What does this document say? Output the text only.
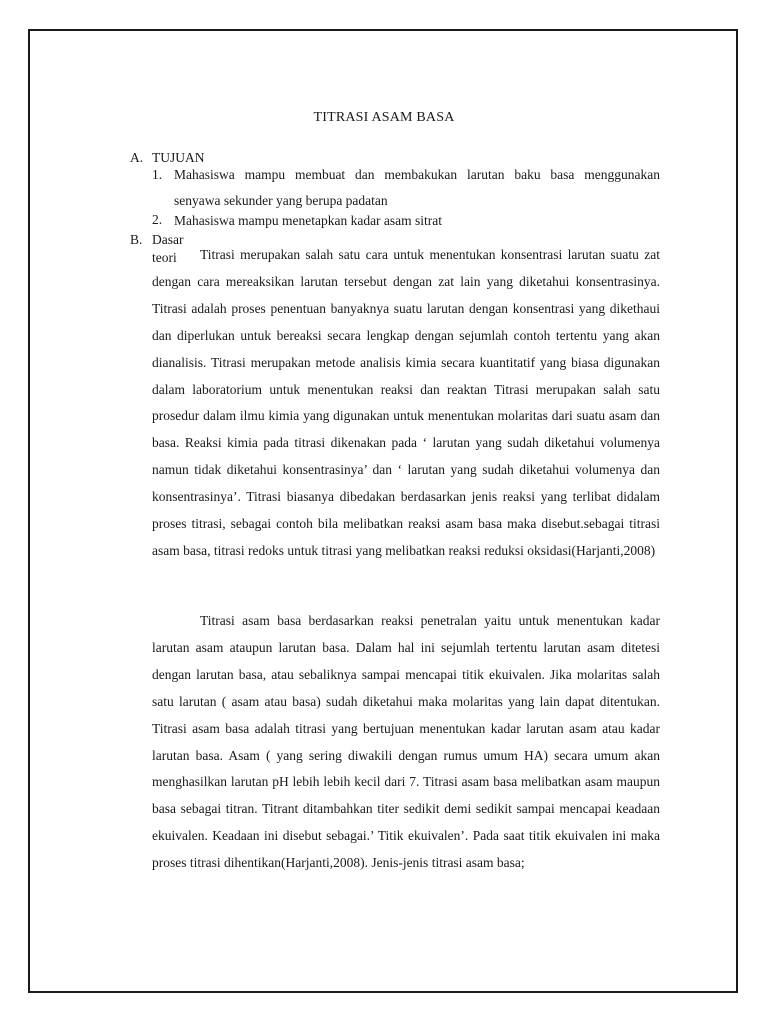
TITRASI ASAM BASA
A. TUJUAN
1. Mahasiswa mampu membuat dan membakukan larutan baku basa menggunakan
senyawa sekunder yang berupa padatan
2. Mahasiswa mampu menetapkan kadar asam sitrat
B. Dasar teori	Titrasi merupakan salah satu cara untuk menentukan konsentrasi larutan suatu zat dengan cara mereaksikan larutan tersebut dengan zat lain yang diketahui konsentrasinya. Titrasi adalah proses penentuan banyaknya suatu larutan dengan konsentrasi yang dikethaui dan diperlukan untuk bereaksi secara lengkap dengan sejumlah contoh tertentu yang akan dianalisis. Titrasi merupakan metode analisis kimia secara kuantitatif yang biasa digunakan dalam laboratorium untuk menentukan reaksi dan reaktan Titrasi merupakan salah satu prosedur dalam ilmu kimia yang digunakan untuk menentukan molaritas dari suatu asam dan basa. Reaksi kimia pada titrasi dikenakan pada ‘ larutan yang sudah diketahui volumenya namun tidak diketahui konsentrasinya’ dan ‘ larutan yang sudah diketahui volumenya dan konsentrasinya’. Titrasi biasanya dibedakan berdasarkan jenis reaksi yang terlibat didalam proses titrasi, sebagai contoh bila melibatkan reaksi asam basa maka disebut.sebagai titrasi asam basa, titrasi redoks untuk titrasi yang melibatkan reaksi reduksi oksidasi(Harjanti,2008)

Titrasi asam basa berdasarkan reaksi penetralan yaitu untuk menentukan kadar larutan asam ataupun larutan basa. Dalam hal ini sejumlah tertentu larutan asam ditetesi dengan larutan basa, atau sebaliknya sampai mencapai titik ekuivalen. Jika molaritas salah satu larutan ( asam atau basa) sudah diketahui maka molaritas yang lain dapat ditentukan. Titrasi asam basa adalah titrasi yang bertujuan menentukan kadar larutan asam atau kadar larutan basa. Asam ( yang sering diwakili dengan rumus umum HA) secara umum akan menghasilkan larutan pH lebih lebih kecil dari 7. Titrasi asam basa melibatkan asam maupun basa sebagai titran. Titrant ditambahkan titer sedikit demi sedikit sampai mencapai keadaan ekuivalen. Keadaan ini disebut sebagai.’ Titik ekuivalen’. Pada saat titik ekuivalen ini maka proses titrasi dihentikan(Harjanti,2008). Jenis-jenis titrasi asam basa;
